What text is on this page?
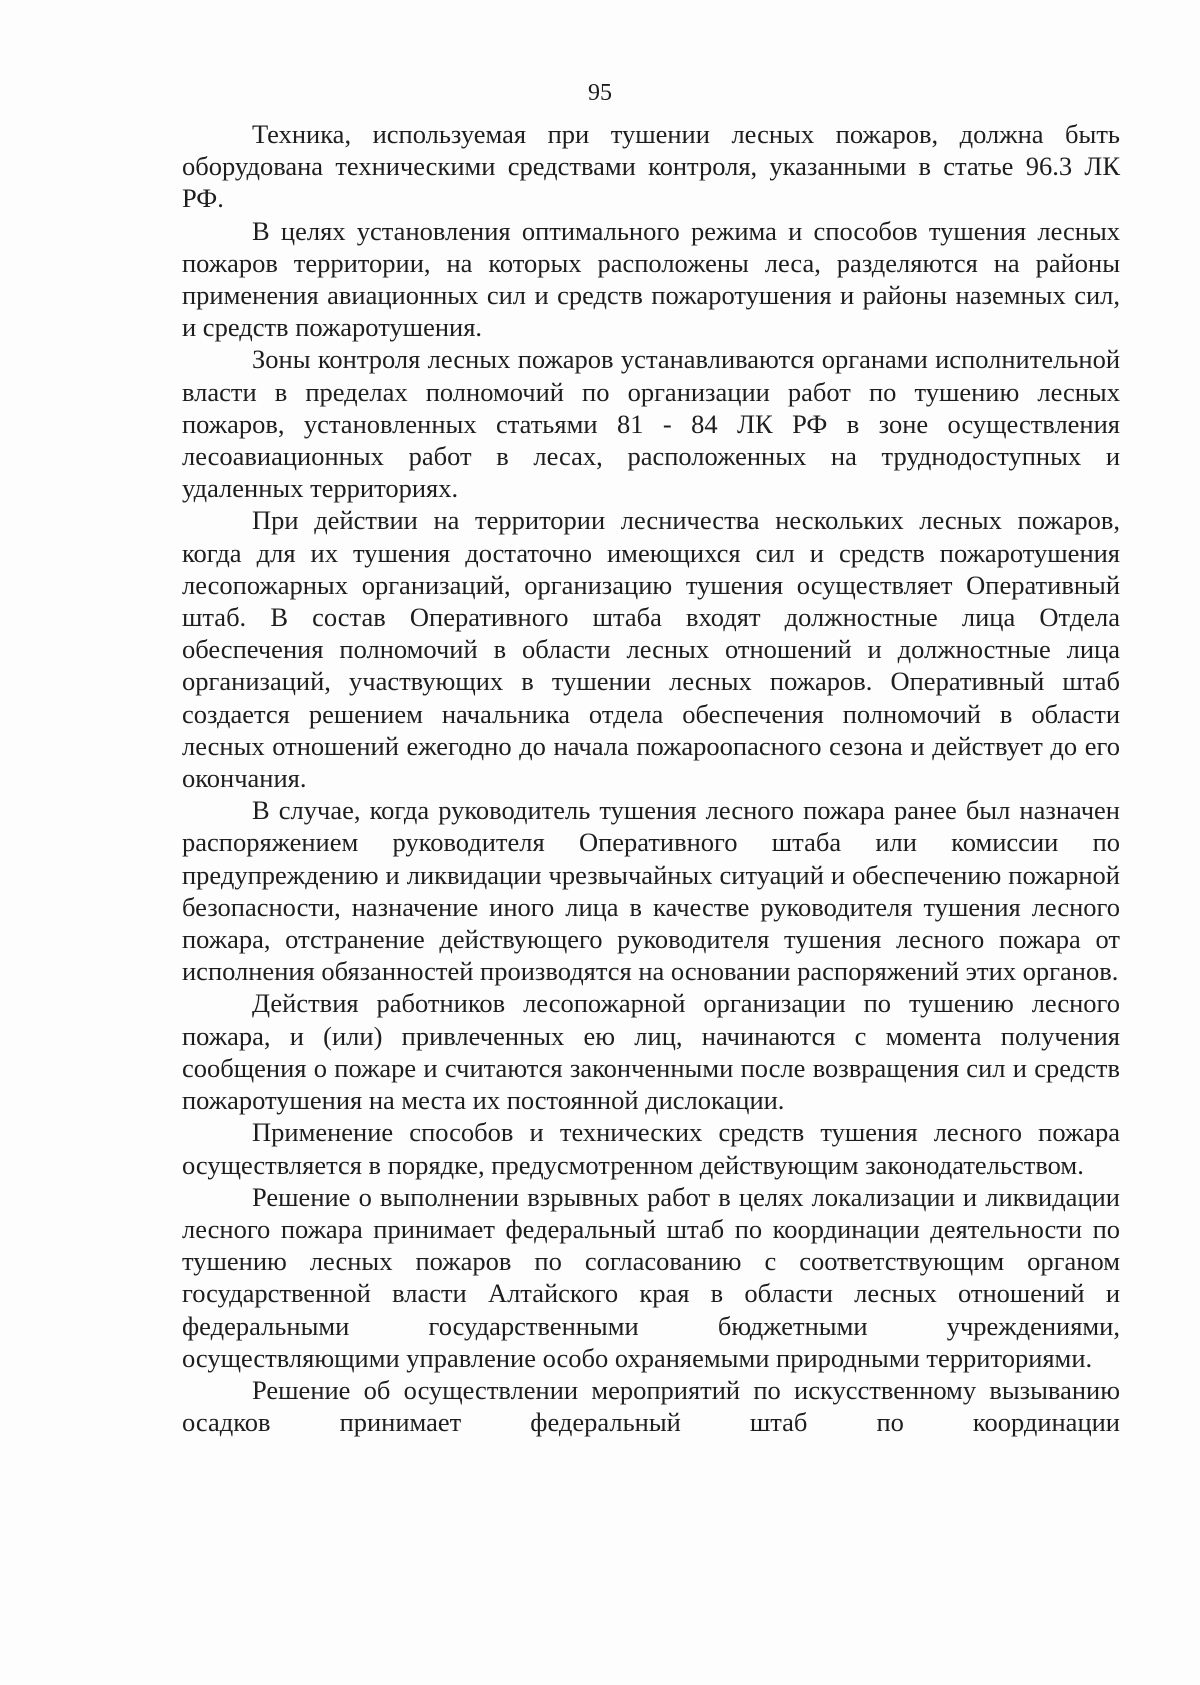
95

Техника, используемая при тушении лесных пожаров, должна быть оборудована техническими средствами контроля, указанными в статье 96.3 ЛК РФ.

В целях установления оптимального режима и способов тушения лесных пожаров территории, на которых расположены леса, разделяются на районы применения авиационных сил и средств пожаротушения и районы наземных сил, и средств пожаротушения.

Зоны контроля лесных пожаров устанавливаются органами исполнительной власти в пределах полномочий по организации работ по тушению лесных пожаров, установленных статьями 81 - 84 ЛК РФ в зоне осуществления лесоавиационных работ в лесах, расположенных на труднодоступных и удаленных территориях.

При действии на территории лесничества нескольких лесных пожаров, когда для их тушения достаточно имеющихся сил и средств пожаротушения лесопожарных организаций, организацию тушения осуществляет Оперативный штаб. В состав Оперативного штаба входят должностные лица Отдела обеспечения полномочий в области лесных отношений и должностные лица организаций, участвующих в тушении лесных пожаров. Оперативный штаб создается решением начальника отдела обеспечения полномочий в области лесных отношений ежегодно до начала пожароопасного сезона и действует до его окончания.

В случае, когда руководитель тушения лесного пожара ранее был назначен распоряжением руководителя Оперативного штаба или комиссии по предупреждению и ликвидации чрезвычайных ситуаций и обеспечению пожарной безопасности, назначение иного лица в качестве руководителя тушения лесного пожара, отстранение действующего руководителя тушения лесного пожара от исполнения обязанностей производятся на основании распоряжений этих органов.

Действия работников лесопожарной организации по тушению лесного пожара, и (или) привлеченных ею лиц, начинаются с момента получения сообщения о пожаре и считаются законченными после возвращения сил и средств пожаротушения на места их постоянной дислокации.

Применение способов и технических средств тушения лесного пожара осуществляется в порядке, предусмотренном действующим законодательством.

Решение о выполнении взрывных работ в целях локализации и ликвидации лесного пожара принимает федеральный штаб по координации деятельности по тушению лесных пожаров по согласованию с соответствующим органом государственной власти Алтайского края в области лесных отношений и федеральными государственными бюджетными учреждениями, осуществляющими управление особо охраняемыми природными территориями.

Решение об осуществлении мероприятий по искусственному вызыванию осадков принимает федеральный штаб по координации
